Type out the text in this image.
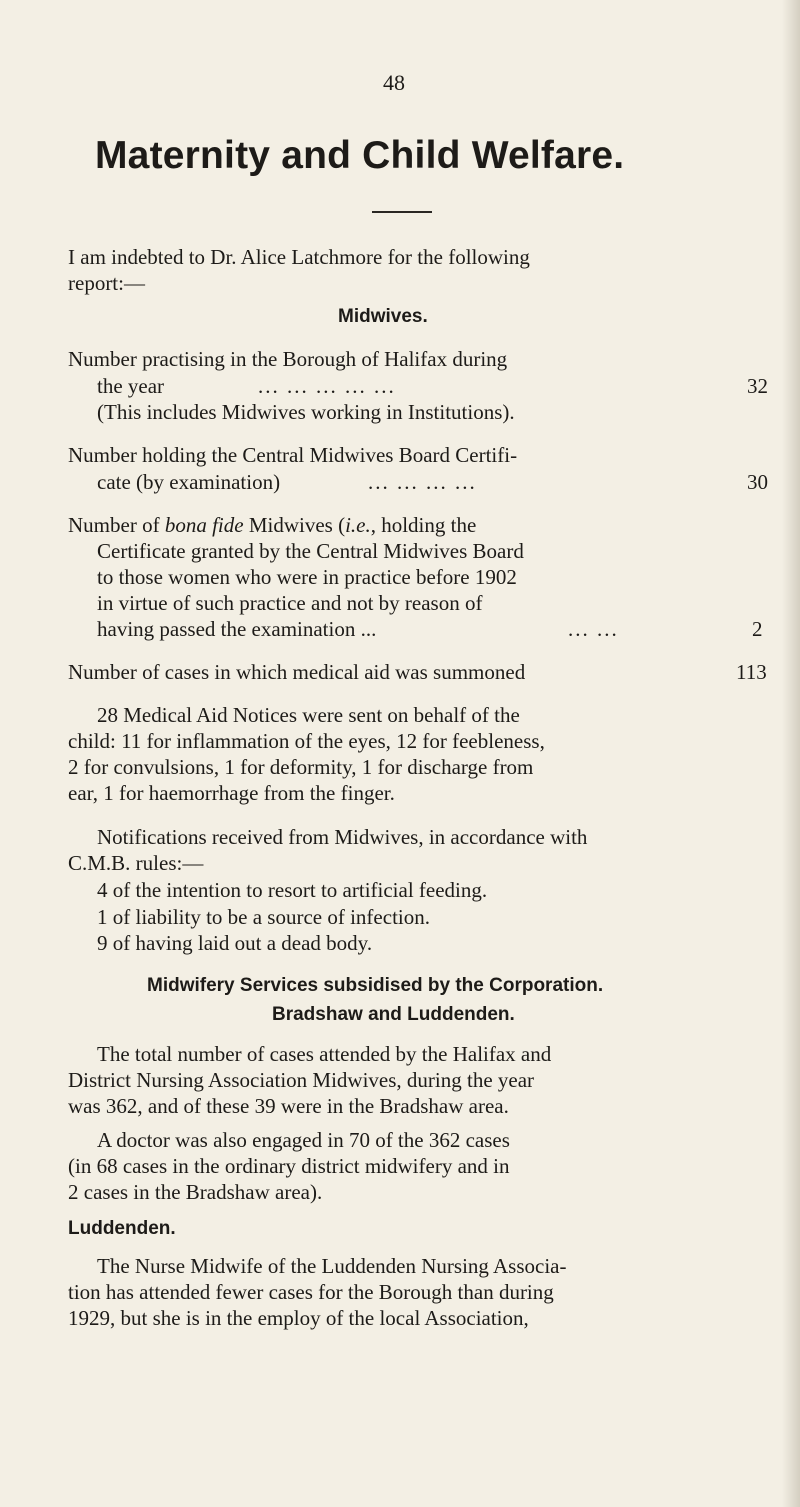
48
Maternity and Child Welfare.
I am indebted to Dr. Alice Latchmore for the following
report:—
Midwives.
Number practising in the Borough of Halifax during
the year	... ... ... ... ...	32
(This includes Midwives working in Institutions).
Number holding the Central Midwives Board Certifi-
cate (by examination)	... ... ... ...	30
Number of bona fide Midwives (i.e., holding the
Certificate granted by the Central Midwives Board
to those women who were in practice before 1902
in virtue of such practice and not by reason of
having passed the examination ...	... ...	2
Number of cases in which medical aid was summoned	113
28 Medical Aid Notices were sent on behalf of the
child: 11 for inflammation of the eyes, 12 for feebleness,
2 for convulsions, 1 for deformity, 1 for discharge from
ear, 1 for haemorrhage from the finger.
Notifications received from Midwives, in accordance with
C.M.B. rules:—
4 of the intention to resort to artificial feeding.
1 of liability to be a source of infection.
9 of having laid out a dead body.
Midwifery Services subsidised by the Corporation.
Bradshaw and Luddenden.
The total number of cases attended by the Halifax and
District Nursing Association Midwives, during the year
was 362, and of these 39 were in the Bradshaw area.
A doctor was also engaged in 70 of the 362 cases
(in 68 cases in the ordinary district midwifery and in
2 cases in the Bradshaw area).
Luddenden.
The Nurse Midwife of the Luddenden Nursing Associa-
tion has attended fewer cases for the Borough than during
1929, but she is in the employ of the local Association,
